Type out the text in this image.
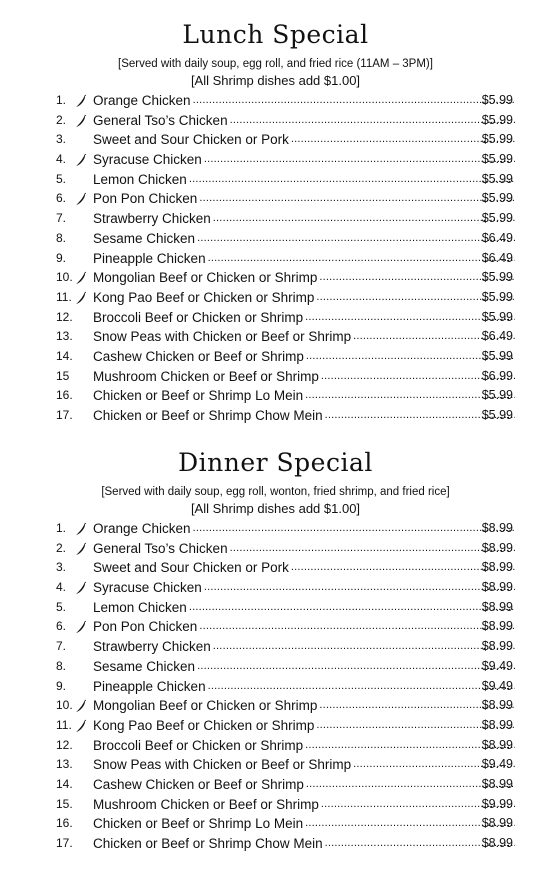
Lunch Special
[Served with daily soup, egg roll, and fried rice (11AM – 3PM)]
[All Shrimp dishes add $1.00]
1.	Orange Chicken .....	$5.99
2.	General Tso’s Chicken .....	$5.99
3.	Sweet and Sour Chicken or Pork .....	$5.99
4.	Syracuse Chicken .....	$5.99
5.	Lemon Chicken .....	$5.99
6.	Pon Pon Chicken .....	$5.99
7.	Strawberry Chicken .....	$5.99
8.	Sesame Chicken .....	$6.49
9.	Pineapple Chicken .....	$6.49
10. Mongolian Beef or Chicken or Shrimp .....	$5.99
11.	Kong Pao Beef or Chicken or Shrimp .....	$5.99
12. Broccoli Beef or Chicken or Shrimp .....	$5.99
13. Snow Peas with Chicken or Beef or Shrimp .....	$6.49
14. Cashew Chicken or Beef or Shrimp .....	$5.99
15	Mushroom Chicken or Beef or Shrimp .....	$6.99
16. Chicken or Beef or Shrimp Lo Mein .....	$5.99
17. Chicken or Beef or Shrimp Chow Mein .....	$5.99
Dinner Special
[Served with daily soup, egg roll, wonton, fried shrimp, and fried rice]
[All Shrimp dishes add $1.00]
1.	Orange Chicken .....	$8.99
2.	General Tso’s Chicken .....	$8.99
3.	Sweet and Sour Chicken or Pork .....	$8.99
4.	Syracuse Chicken .....	$8.99
5.	Lemon Chicken .....	$8.99
6.	Pon Pon Chicken .....	$8.99
7.	Strawberry Chicken .....	$8.99
8.	Sesame Chicken .....	$9.49
9.	Pineapple Chicken .....	$9.49
10. Mongolian Beef or Chicken or Shrimp .....	$8.99
11.	Kong Pao Beef or Chicken or Shrimp .....	$8.99
12. Broccoli Beef or Chicken or Shrimp .....	$8.99
13. Snow Peas with Chicken or Beef or Shrimp .....	$9.49
14. Cashew Chicken or Beef or Shrimp .....	$8.99
15. Mushroom Chicken or Beef or Shrimp .....	$9.99
16. Chicken or Beef or Shrimp Lo Mein .....	$8.99
17. Chicken or Beef or Shrimp Chow Mein .....	$8.99
